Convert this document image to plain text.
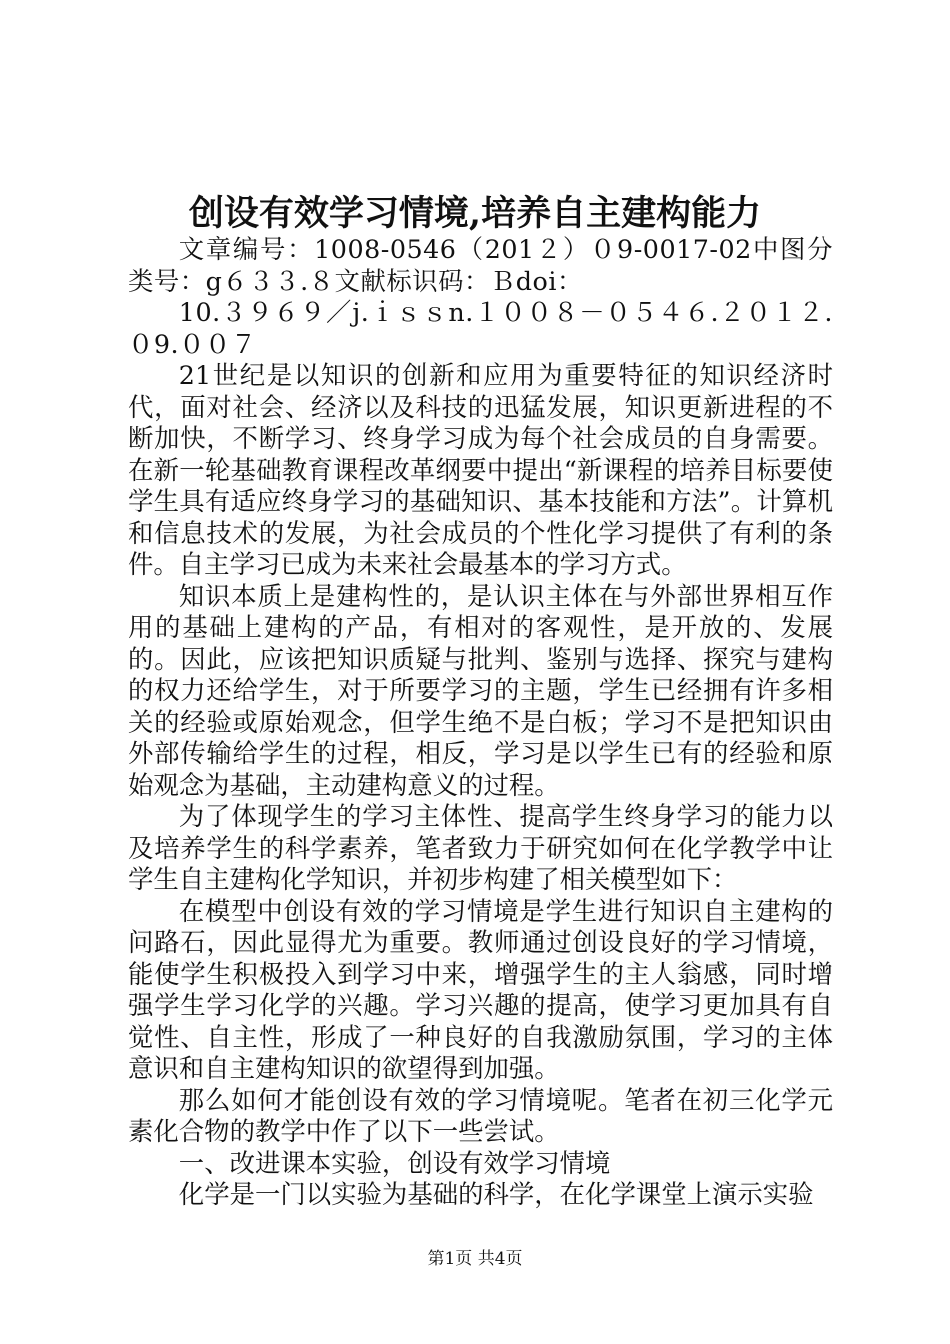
创设有效学习情境,培养自主建构能力

文章编号：1008-0546（201２）０9-0017-02中图分类号：g６３３.８文献标识码：Ｂdoi：

10.３９６９／j.ｉｓｓn.１００８－０５４６.２０１２.０9.００７

21世纪是以知识的创新和应用为重要特征的知识经济时代，面对社会、经济以及科技的迅猛发展，知识更新进程的不断加快，不断学习、终身学习成为每个社会成员的自身需要。在新一轮基础教育课程改革纲要中提出“新课程的培养目标要使学生具有适应终身学习的基础知识、基本技能和方法”。计算机和信息技术的发展，为社会成员的个性化学习提供了有利的条件。自主学习已成为未来社会最基本的学习方式。

知识本质上是建构性的，是认识主体在与外部世界相互作用的基础上建构的产品，有相对的客观性，是开放的、发展的。因此，应该把知识质疑与批判、鉴别与选择、探究与建构的权力还给学生，对于所要学习的主题，学生已经拥有许多相关的经验或原始观念，但学生绝不是白板；学习不是把知识由外部传输给学生的过程，相反，学习是以学生已有的经验和原始观念为基础，主动建构意义的过程。

为了体现学生的学习主体性、提高学生终身学习的能力以及培养学生的科学素养，笔者致力于研究如何在化学教学中让学生自主建构化学知识，并初步构建了相关模型如下：

在模型中创设有效的学习情境是学生进行知识自主建构的问路石，因此显得尤为重要。教师通过创设良好的学习情境，能使学生积极投入到学习中来，增强学生的主人翁感，同时增强学生学习化学的兴趣。学习兴趣的提高，使学习更加具有自觉性、自主性，形成了一种良好的自我激励氛围，学习的主体意识和自主建构知识的欲望得到加强。

那么如何才能创设有效的学习情境呢。笔者在初三化学元素化合物的教学中作了以下一些尝试。

一、改进课本实验，创设有效学习情境

化学是一门以实验为基础的科学，在化学课堂上演示实验

第1页 共4页
